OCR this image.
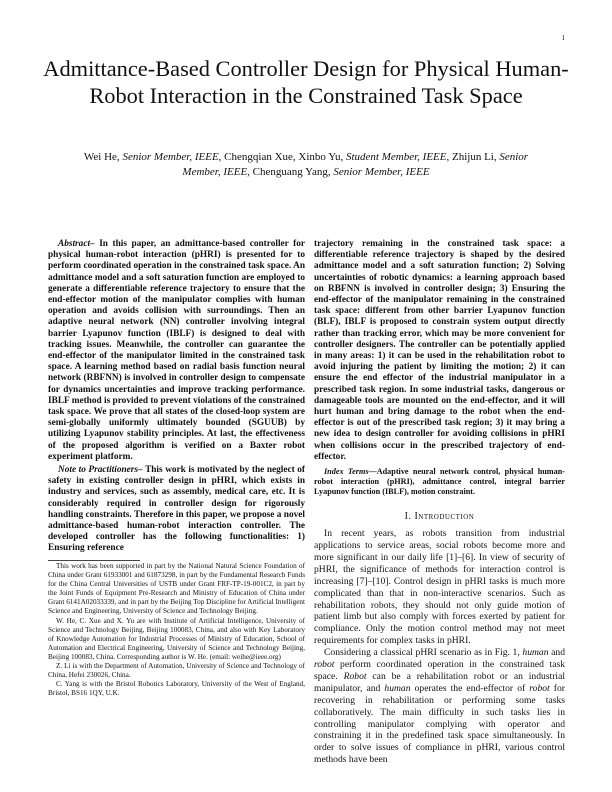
1
Admittance-Based Controller Design for Physical Human-Robot Interaction in the Constrained Task Space
Wei He, Senior Member, IEEE, Chengqian Xue, Xinbo Yu, Student Member, IEEE, Zhijun Li, Senior
Member, IEEE, Chenguang Yang, Senior Member, IEEE

Abstract– In this paper, an admittance-based controller for physical human-robot interaction (pHRI) is presented for to perform coordinated operation in the constrained task space. An admittance model and a soft saturation function are employed to generate a differentiable reference trajectory to ensure that the end-effector motion of the manipulator complies with human operation and avoids collision with surroundings. Then an adaptive neural network (NN) controller involving integral barrier Lyapunov function (IBLF) is designed to deal with tracking issues. Meanwhile, the controller can guarantee the end-effector of the manipulator limited in the constrained task space. A learning method based on radial basis function neural network (RBFNN) is involved in controller design to compensate for dynamics uncertainties and improve tracking performance. IBLF method is provided to prevent violations of the constrained task space. We prove that all states of the closed-loop system are semi-globally uniformly ultimately bounded (SGUUB) by utilizing Lyapunov stability principles. At last, the effectiveness of the proposed algorithm is verified on a Baxter robot experiment platform.

Note to Practitioners– This work is motivated by the neglect of safety in existing controller design in pHRI, which exists in industry and services, such as assembly, medical care, etc. It is considerably required in controller design for rigorously handling constraints. Therefore in this paper, we propose a novel admittance-based human-robot interaction controller. The developed controller has the following functionalities: 1) Ensuring reference

trajectory remaining in the constrained task space: a differentiable reference trajectory is shaped by the desired admittance model and a soft saturation function; 2) Solving uncertainties of robotic dynamics: a learning approach based on RBFNN is involved in controller design; 3) Ensuring the end-effector of the manipulator remaining in the constrained task space: different from other barrier Lyapunov function (BLF), IBLF is proposed to constrain system output directly rather than tracking error, which may be more convenient for controller designers. The controller can be potentially applied in many areas: 1) it can be used in the rehabilitation robot to avoid injuring the patient by limiting the motion; 2) it can ensure the end effector of the industrial manipulator in a prescribed task region. In some industrial tasks, dangerous or damageable tools are mounted on the end-effector, and it will hurt human and bring damage to the robot when the end-effector is out of the prescribed task region; 3) it may bring a new idea to design controller for avoiding collisions in pHRI when collisions occur in the prescribed trajectory of end-effector.

Index Terms—Adaptive neural network control, physical human-robot interaction (pHRI), admittance control, integral barrier Lyapunov function (IBLF), motion constraint.

I. Introduction

In recent years, as robots transition from industrial applications to service areas, social robots become more and more significant in our daily life [1]–[6]. In view of security of pHRI, the significance of methods for interaction control is increasing [7]–[10]. Control design in pHRI tasks is much more complicated than that in non-interactive scenarios. Such as rehabilitation robots, they should not only guide motion of patient limb but also comply with forces exerted by patient for compliance. Only the motion control method may not meet requirements for complex tasks in pHRI.

Considering a classical pHRI scenario as in Fig. 1, human and robot perform coordinated operation in the constrained task space. Robot can be a rehabilitation robot or an industrial manipulator, and human operates the end-effector of robot for recovering in rehabilitation or performing some tasks collaboratively. The main difficulty in such tasks lies in controlling manipulator complying with operator and constraining it in the predefined task space simultaneously. In order to solve issues of compliance in pHRI, various control methods have been

This work has been supported in part by the National Natural Science Foundation of China under Grant 61933001 and 61873298, in part by the Fundamental Research Funds for the China Central Universities of USTB under Grant FRF-TP-19-001C2, in part by the Joint Funds of Equipment Pre-Research and Ministry of Education of China under Grant 6141A02033339, and in part by the Beijing Top Discipline for Artificial Intelligent Science and Engineering, University of Science and Technology Beijing.

W. He, C. Xue and X. Yu are with Institute of Artificial Intelligence, University of Science and Technology Beijing, Beijing 100083, China, and also with Key Laboratory of Knowledge Automation for Industrial Processes of Ministry of Education, School of Automation and Electrical Engineering, University of Science and Technology Beijing, Beijing 100083, China. Corresponding author is W. He. (email: weihe@ieee.org)

Z. Li is with the Department of Automation, University of Science and Technology of China, Hefei 230026, China.

C. Yang is with the Bristol Robotics Laboratory, University of the West of England, Bristol, BS16 1QY, U.K.
